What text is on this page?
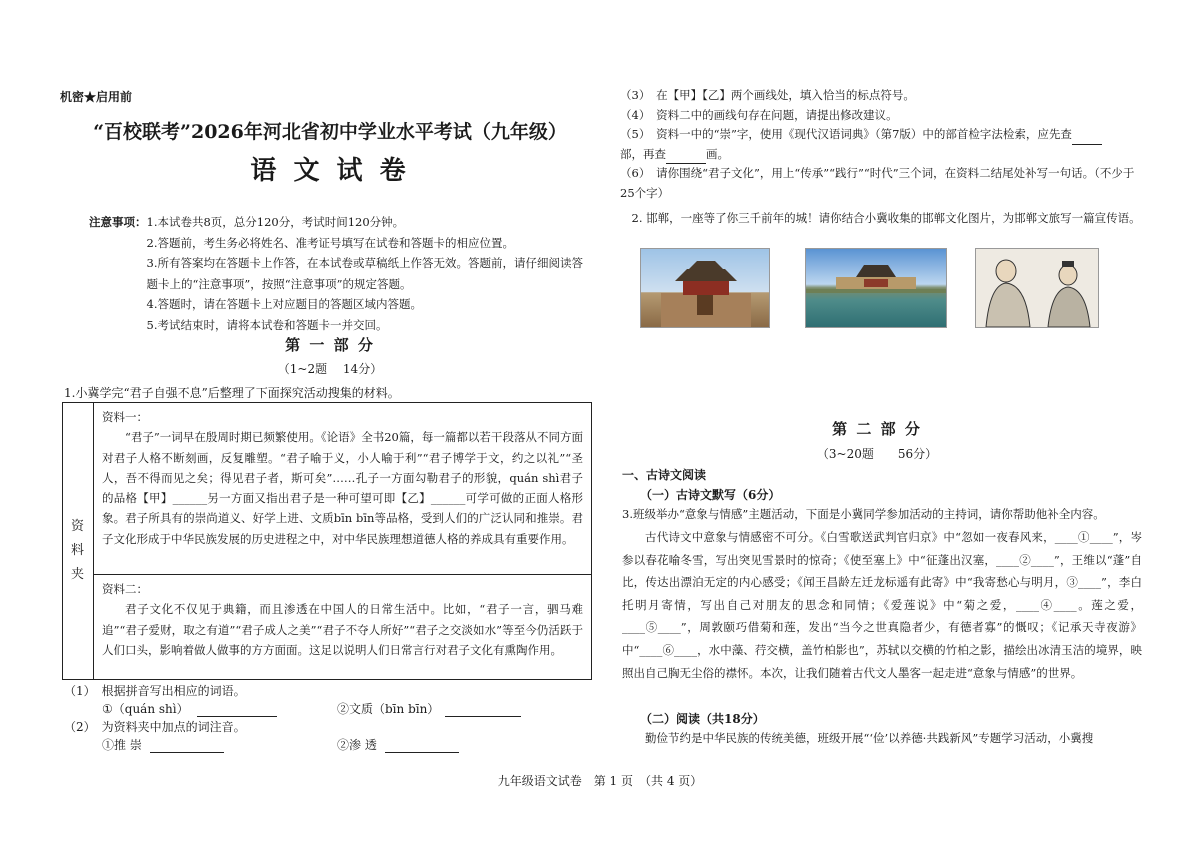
机密★启用前
“百校联考”2026年河北省初中学业水平考试（九年级）
语 文 试 卷
注意事项： 1.本试卷共8页，总分120分，考试时间120分钟。
2.答题前，考生务必将姓名、准考证号填写在试卷和答题卡的相应位置。
3.所有答案均在答题卡上作答，在本试卷或草稿纸上作答无效。答题前，请仔细阅读答题卡上的“注意事项”，按照“注意事项”的规定答题。
4.答题时，请在答题卡上对应题目的答题区域内答题。
5.考试结束时，请将本试卷和答题卡一并交回。
第 一 部 分
（1~2题　 14分）
1.小冀学完“君子自强不息”后整理了下面探究活动搜集的材料。
资
料
夹

资料一：

“君子”一词早在殷周时期已频繁使用。《论语》全书20篇，每一篇都以若干段落从不同方面对君子人格不断刻画，反复雕塑。“君子喻于义，小人喻于利”“君子博学于文，约之以礼”“圣人，吾不得而见之矣；得见君子者，斯可矣”……孔子一方面勾勒君子的形貌，quán shì君子的品格【甲】______另一方面又指出君子是一种可望可即【乙】______可学可做的正面人格形象。君子所具有的崇尚道义、好学上进、文质bīn bīn等品格，受到人们的广泛认同和推崇。君子文化形成于中华民族发展的历史进程之中，对中华民族理想道德人格的养成具有重要作用。

资料二：

君子文化不仅见于典籍，而且渗透在中国人的日常生活中。比如，“君子一言，驷马难追”“君子爱财，取之有道”“君子成人之美”“君子不夺人所好”“君子之交淡如水”等至今仍活跃于人们口头，影响着做人做事的方方面面。这足以说明人们日常言行对君子文化有熏陶作用。

（1）　根据拼音写出相应的词语。
①（quán shì）	②文质（bīn bīn）
（2）　为资料夹中加点的词注音。
①推 崇	②渗 透

（3）　在【甲】【乙】两个画线处，填入恰当的标点符号。

（4）　资料二中的画线句存在问题，请提出修改建议。

（5）　资料一中的“崇”字，使用《现代汉语词典》（第7版）中的部首检字法检索，应先查

部，再查	画。

（6）　请你围绕“君子文化”，用上“传承”“践行”“时代”三个词，在资料二结尾处补写一句话。（不少于25个字）

2. 邯郸，一座等了你三千前年的城！请你结合小冀收集的邯郸文化图片，为邯郸文旅写一篇宣传语。

第 二 部 分
（3~20题　　56分）
一、古诗文阅读
（一）古诗文默写（6分）
3.班级举办“意象与情感”主题活动，下面是小冀同学参加活动的主持词，请你帮助他补全内容。
古代诗文中意象与情感密不可分。《白雪歌送武判官归京》中“忽如一夜春风来，____①____”，岑参以春花喻冬雪，写出突见雪景时的惊奇；《使至塞上》中“征蓬出汉塞，____②____”，王维以“蓬”自比，传达出漂泊无定的内心感受；《闻王昌龄左迁龙标遥有此寄》中“我寄愁心与明月，③____”，李白托明月寄情，写出自己对朋友的思念和同情；《爱莲说》中“菊之爱，____④____。莲之爱，____⑤____”，周敦颐巧借菊和莲，发出“当今之世真隐者少，有德者寡”的慨叹；《记承天寺夜游》中“____⑥____，水中藻、荇交横，盖竹柏影也”，苏轼以交横的竹柏之影，描绘出冰清玉洁的境界，映照出自己胸无尘俗的襟怀。本次，让我们随着古代文人墨客一起走进“意象与情感”的世界。
（二）阅读（共18分）
勤俭节约是中华民族的传统美德，班级开展“‘俭’以养德·共践新风”专题学习活动，小冀搜
九年级语文试卷　第 1 页　（共 4 页）
